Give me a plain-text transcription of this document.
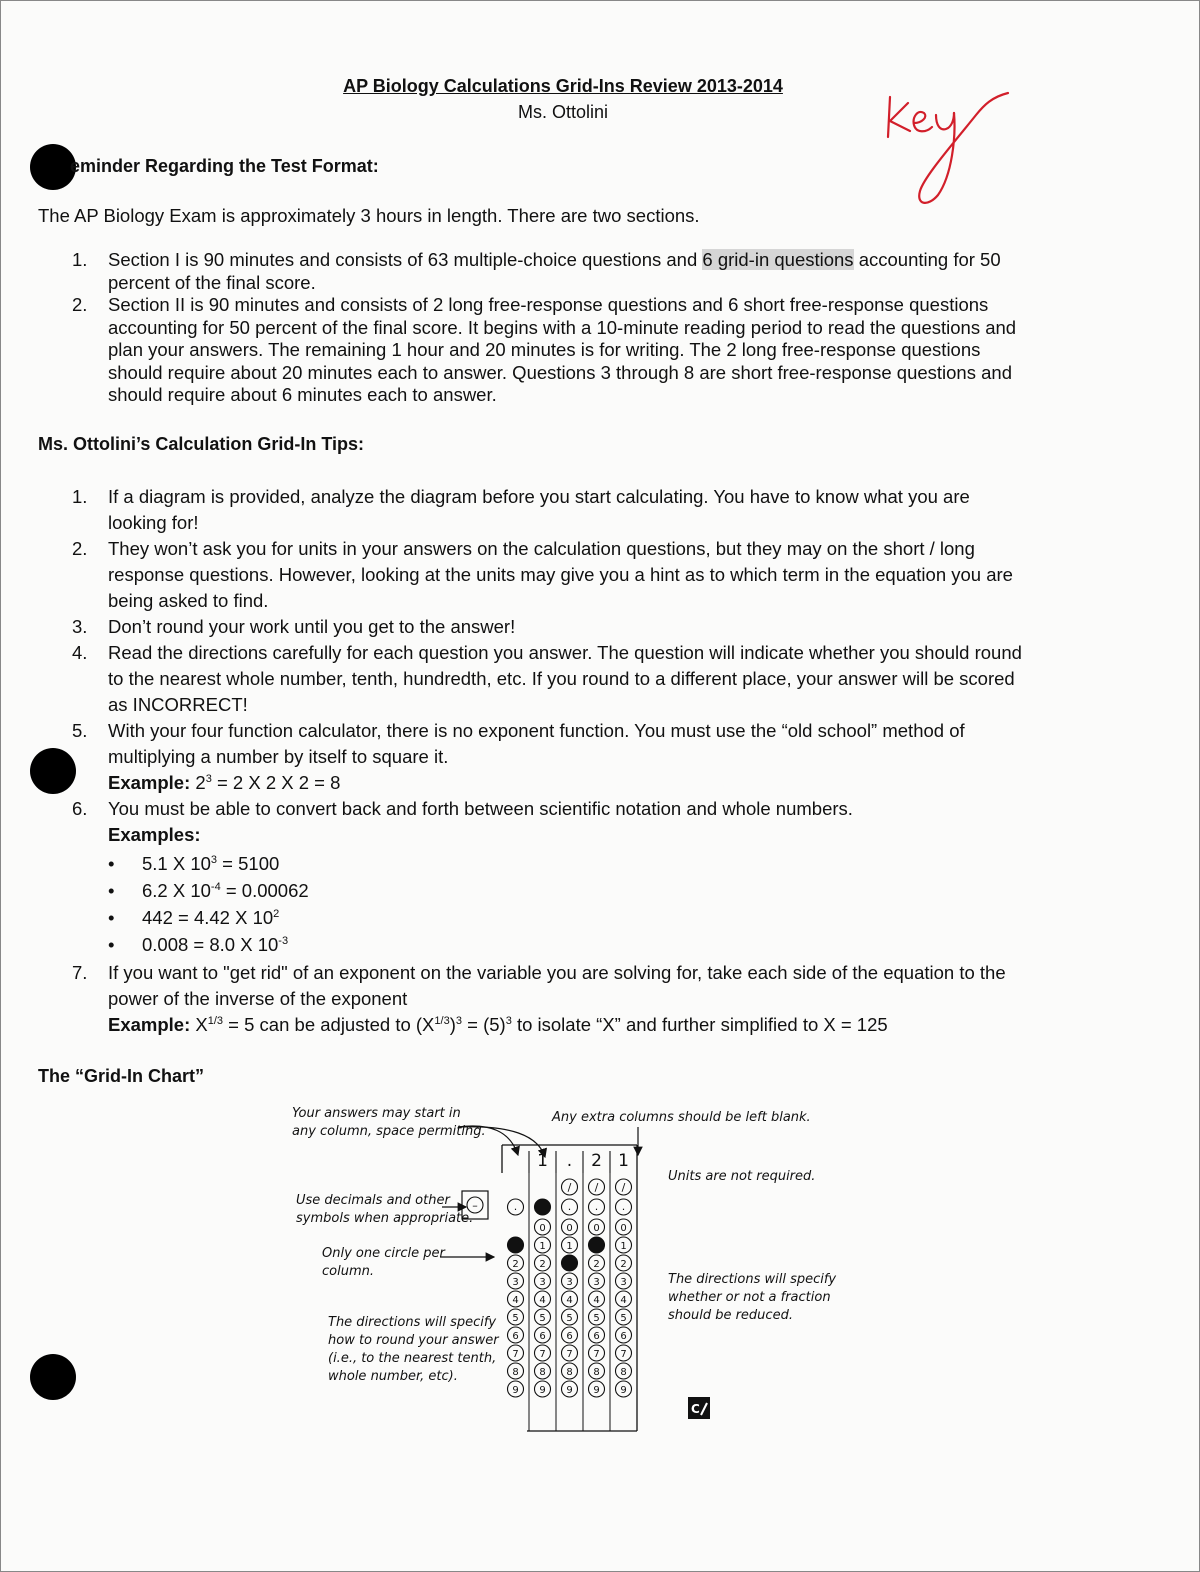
AP Biology Calculations Grid-Ins Review 2013-2014
Ms. Ottolini
eminder Regarding the Test Format:
The AP Biology Exam is approximately 3 hours in length. There are two sections.
1. Section I is 90 minutes and consists of 63 multiple-choice questions and 6 grid-in questions accounting for 50
percent of the final score.
2. Section II is 90 minutes and consists of 2 long free-response questions and 6 short free-response questions
accounting for 50 percent of the final score. It begins with a 10-minute reading period to read the questions and
plan your answers. The remaining 1 hour and 20 minutes is for writing. The 2 long free-response questions
should require about 20 minutes each to answer. Questions 3 through 8 are short free-response questions and
should require about 6 minutes each to answer.
Ms. Ottolini’s Calculation Grid-In Tips:
1. If a diagram is provided, analyze the diagram before you start calculating. You have to know what you are
looking for!
2. They won’t ask you for units in your answers on the calculation questions, but they may on the short / long
response questions. However, looking at the units may give you a hint as to which term in the equation you are
being asked to find.
3. Don’t round your work until you get to the answer!
4. Read the directions carefully for each question you answer. The question will indicate whether you should round
to the nearest whole number, tenth, hundredth, etc. If you round to a different place, your answer will be scored
as INCORRECT!
5. With your four function calculator, there is no exponent function. You must use the “old school” method of
multiplying a number by itself to square it.
Example: $2^3 = 2$ X 2 X 2 = 8
6. You must be able to convert back and forth between scientific notation and whole numbers.
Examples:
• 5.1 X $10^3 = 5100$
• 6.2 X $10^{-4} = 0.00062$
• 442 = 4.42 X $10^2$
• 0.008 = 8.0 X $10^{-3}$
7. If you want to "get rid" of an exponent on the variable you are solving for, take each side of the equation to the
power of the inverse of the exponent
Example: $X^{1/3} = 5$ can be adjusted to $(X^{1/3})^3 = (5)^3$ to isolate “X” and further simplified to X = 125
The “Grid-In Chart”
Your answers may start in
any column, space permiting.
Any extra columns should be left blank.
Units are not required.
Use decimals and other
symbols when appropriate.
Only one circle per
column.
The directions will specify
whether or not a fraction
should be reduced.
The directions will specify
how to round your answer
(i.e., to the nearest tenth,
whole number, etc).
1 . 2 1
–
/ / /
.	. . .
2
3
4
5
6
7
8
9
0
1
2
3
4
5
6
7
8
9
0
1
3
4
5
6
7
8
9
0
2
3
4
5
6
7
8
9
0
1
2
3
4
5
6
7
8
9
C
